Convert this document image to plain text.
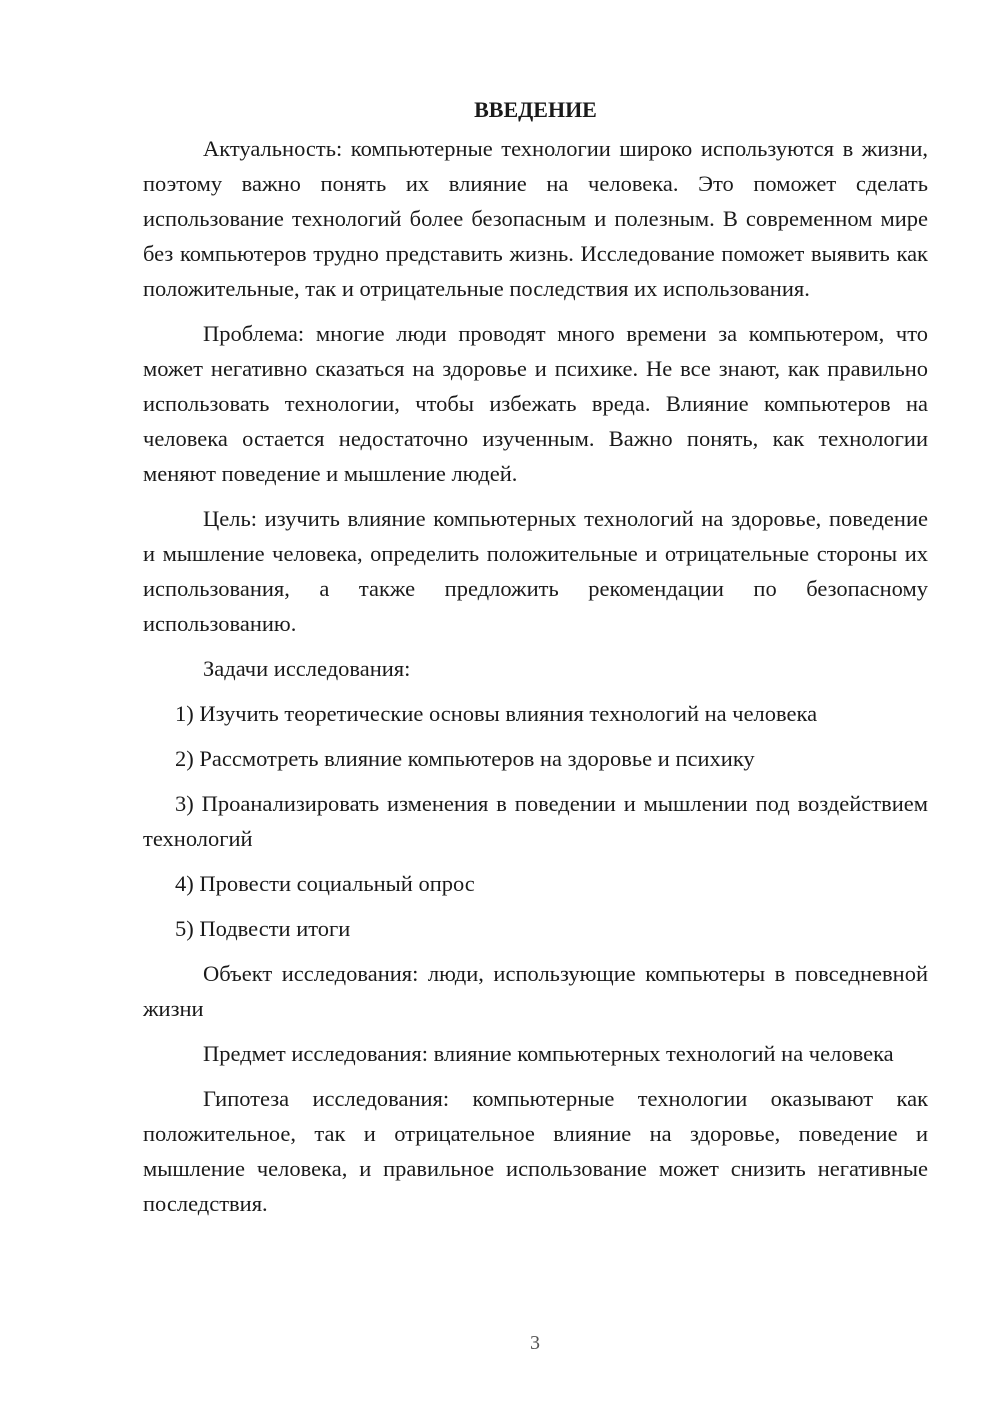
ВВЕДЕНИЕ

Актуальность: компьютерные технологии широко используются в жизни, поэтому важно понять их влияние на человека. Это поможет сделать использование технологий более безопасным и полезным. В современном мире без компьютеров трудно представить жизнь. Исследование поможет выявить как положительные, так и отрицательные последствия их использования.

Проблема: многие люди проводят много времени за компьютером, что может негативно сказаться на здоровье и психике. Не все знают, как правильно использовать технологии, чтобы избежать вреда. Влияние компьютеров на человека остается недостаточно изученным. Важно понять, как технологии меняют поведение и мышление людей.

Цель: изучить влияние компьютерных технологий на здоровье, поведение и мышление человека, определить положительные и отрицательные стороны их использования, а также предложить рекомендации по безопасному использованию.

Задачи исследования:

1) Изучить теоретические основы влияния технологий на человека

2) Рассмотреть влияние компьютеров на здоровье и психику

3) Проанализировать изменения в поведении и мышлении под воздействием технологий

4) Провести социальный опрос

5) Подвести итоги

Объект исследования: люди, использующие компьютеры в повседневной жизни

Предмет исследования: влияние компьютерных технологий на человека

Гипотеза исследования: компьютерные технологии оказывают как положительное, так и отрицательное влияние на здоровье, поведение и мышление человека, и правильное использование может снизить негативные последствия.

3
